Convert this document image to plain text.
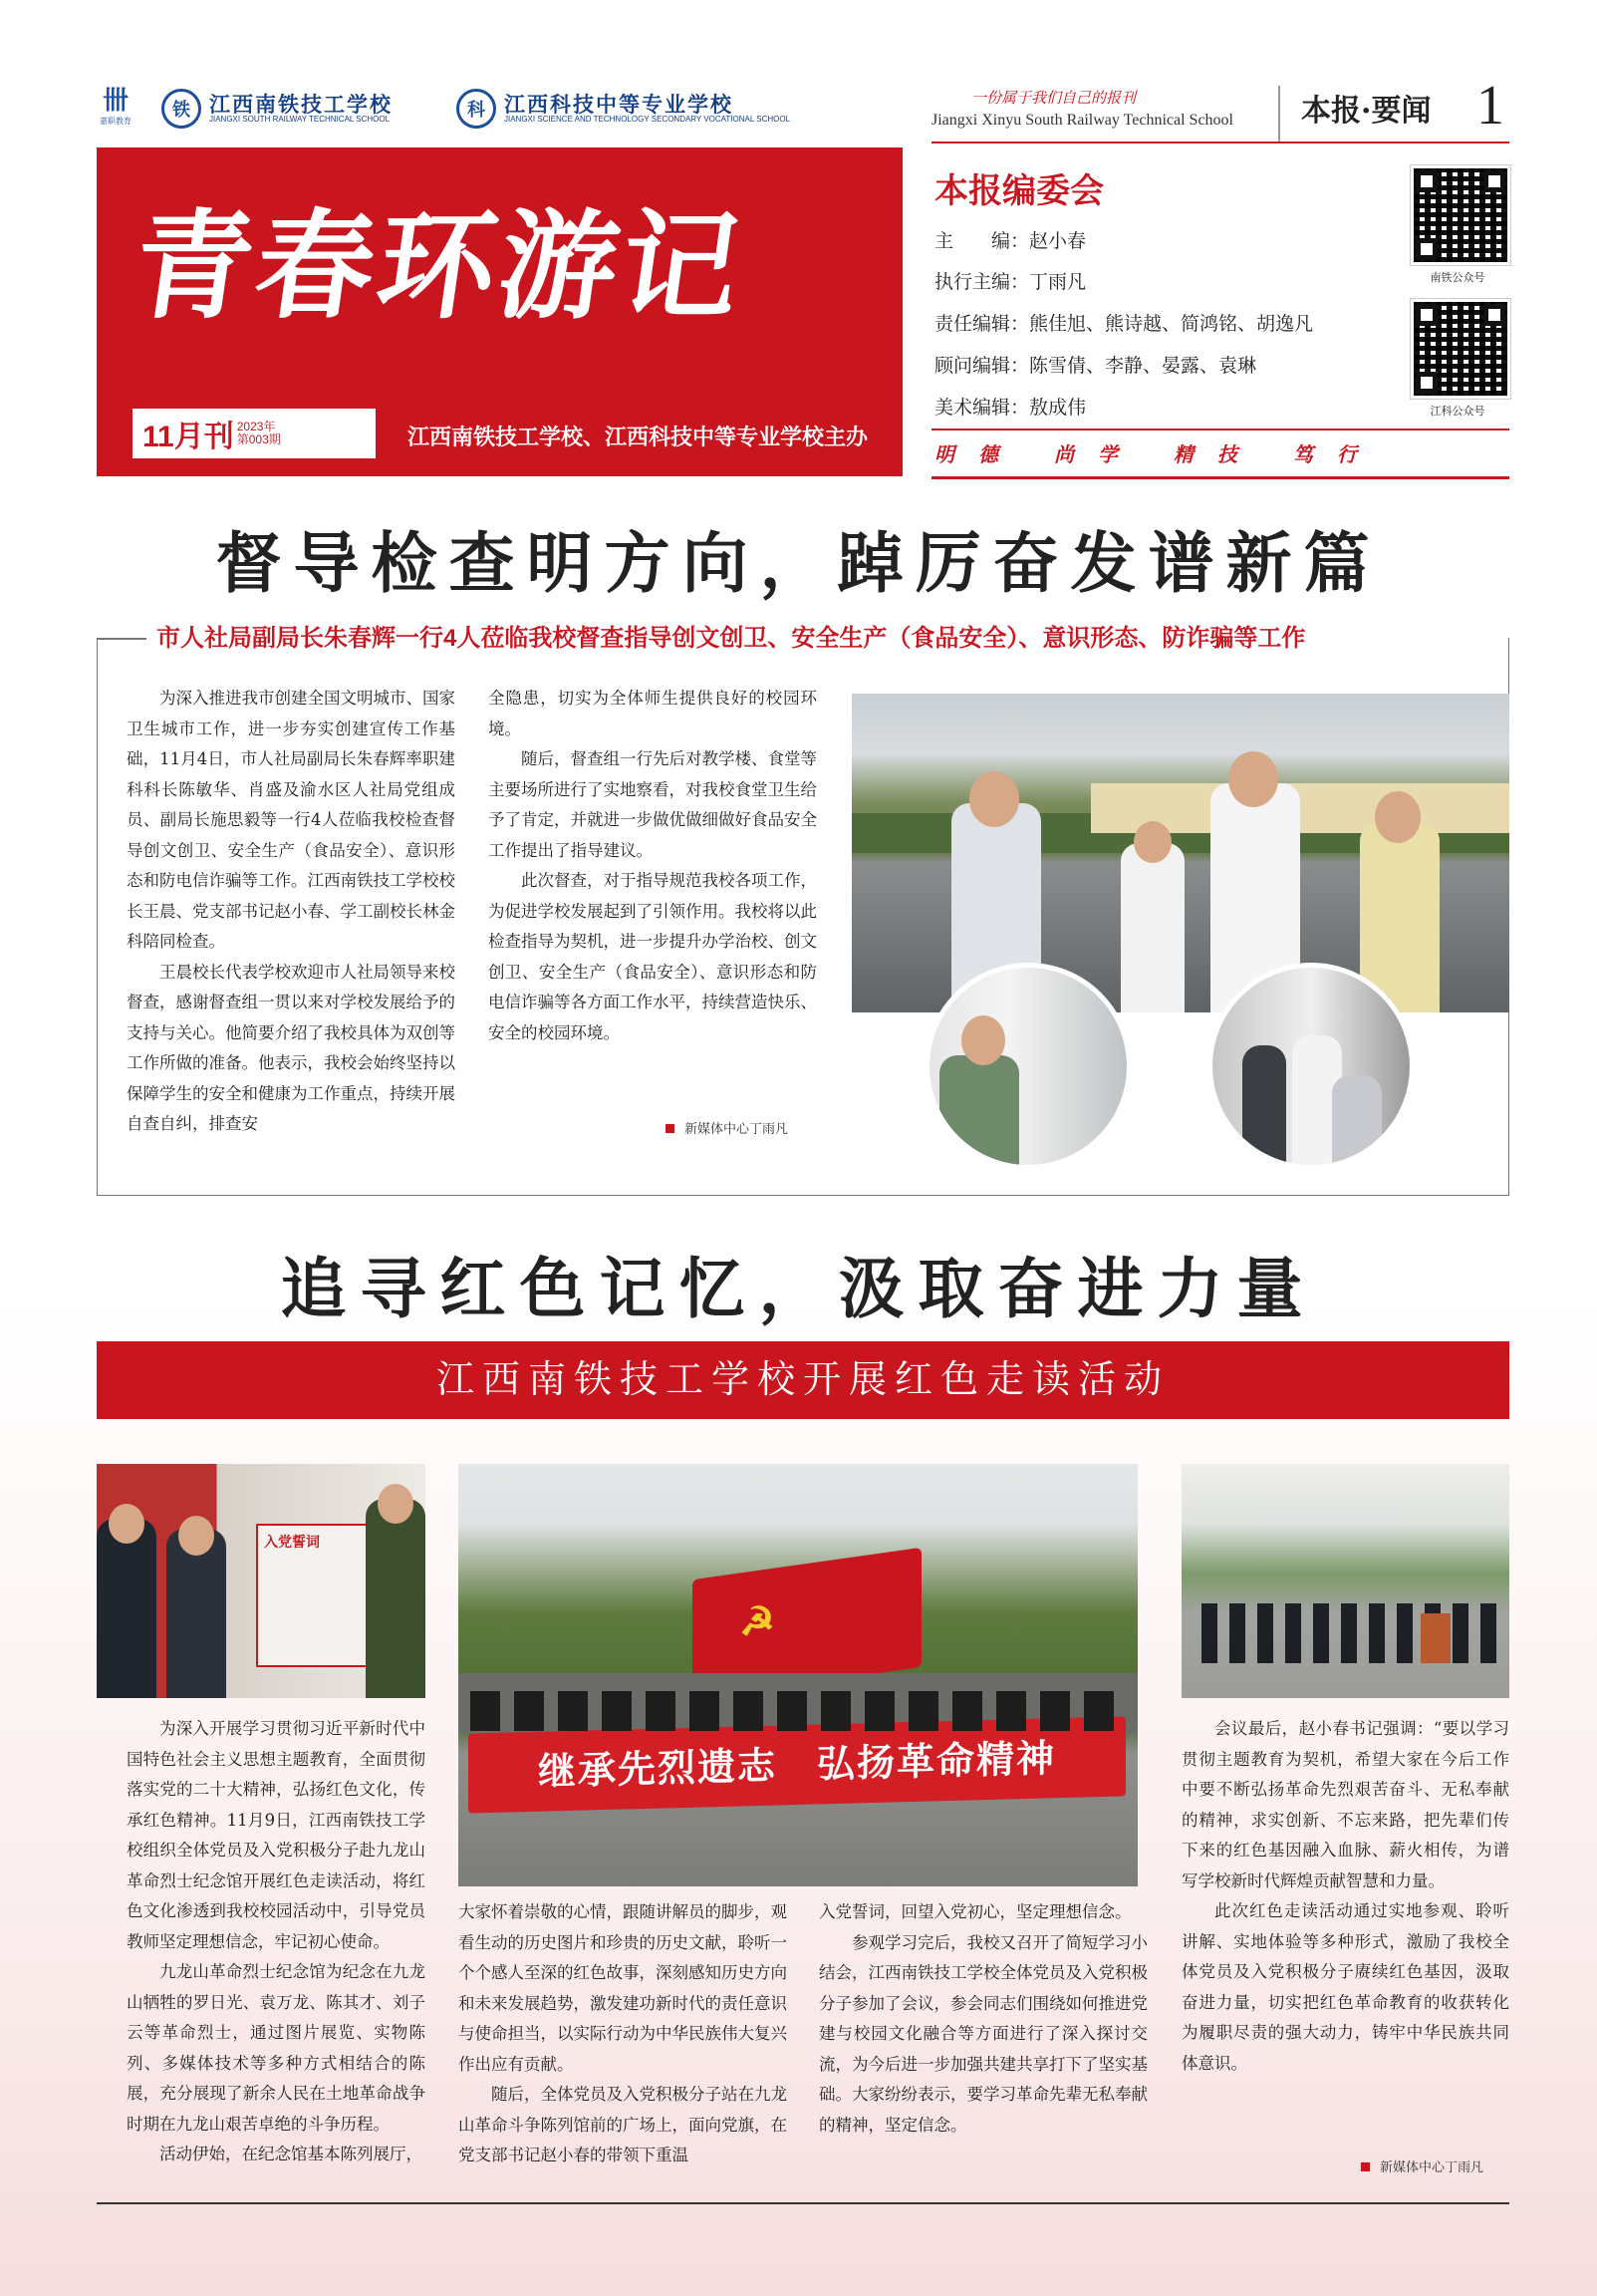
卌
嘉职教育
铁 江西南铁技工学校
JIANGXI SOUTH RAILWAY TECHNICAL SCHOOL	科 江西科技中等专业学校
JIANGXI SCIENCE AND TECHNOLOGY SECONDARY VOCATIONAL SCHOOL
一份属于我们自己的报刊
Jiangxi Xinyu South Railway Technical School 本报·要闻 1
青春环游记
11月刊 2023年
第003期	江西南铁技工学校、江西科技中等专业学校主办
本报编委会
主　　编：赵小春
执行主编：丁雨凡
责任编辑：熊佳旭、熊诗越、简鸿铭、胡逸凡
顾问编辑：陈雪倩、李静、晏露、袁琳
美术编辑：敖成伟
明　德	尚　学	精　技	笃　行
南铁公众号
江科公众号
督导检查明方向，踔厉奋发谱新篇
市人社局副局长朱春辉一行4人莅临我校督查指导创文创卫、安全生产（食品安全）、意识形态、防诈骗等工作

为深入推进我市创建全国文明城市、国家卫生城市工作，进一步夯实创建宣传工作基础，11月4日，市人社局副局长朱春辉率职建科科长陈敏华、肖盛及渝水区人社局党组成员、副局长施思毅等一行4人莅临我校检查督导创文创卫、安全生产（食品安全）、意识形态和防电信诈骗等工作。江西南铁技工学校校长王晨、党支部书记赵小春、学工副校长林金科陪同检查。

王晨校长代表学校欢迎市人社局领导来校督查，感谢督查组一贯以来对学校发展给予的支持与关心。他简要介绍了我校具体为双创等工作所做的准备。他表示，我校会始终坚持以保障学生的安全和健康为工作重点，持续开展自查自纠，排查安

全隐患，切实为全体师生提供良好的校园环境。

随后，督查组一行先后对教学楼、食堂等主要场所进行了实地察看，对我校食堂卫生给予了肯定，并就进一步做优做细做好食品安全工作提出了指导建议。

此次督查，对于指导规范我校各项工作，为促进学校发展起到了引领作用。我校将以此检查指导为契机，进一步提升办学治校、创文创卫、安全生产（食品安全）、意识形态和防电信诈骗等各方面工作水平，持续营造快乐、安全的校园环境。

新媒体中心丁雨凡
追寻红色记忆，汲取奋进力量
江西南铁技工学校开展红色走读活动
入党誓词
☭
继承先烈遗志　弘扬革命精神

为深入开展学习贯彻习近平新时代中国特色社会主义思想主题教育，全面贯彻落实党的二十大精神，弘扬红色文化，传承红色精神。11月9日，江西南铁技工学校组织全体党员及入党积极分子赴九龙山革命烈士纪念馆开展红色走读活动，将红色文化渗透到我校校园活动中，引导党员教师坚定理想信念，牢记初心使命。

九龙山革命烈士纪念馆为纪念在九龙山牺牲的罗日光、袁万龙、陈其才、刘子云等革命烈士，通过图片展览、实物陈列、多媒体技术等多种方式相结合的陈展，充分展现了新余人民在土地革命战争时期在九龙山艰苦卓绝的斗争历程。

活动伊始，在纪念馆基本陈列展厅，

大家怀着崇敬的心情，跟随讲解员的脚步，观看生动的历史图片和珍贵的历史文献，聆听一个个感人至深的红色故事，深刻感知历史方向和未来发展趋势，激发建功新时代的责任意识与使命担当，以实际行动为中华民族伟大复兴作出应有贡献。

随后，全体党员及入党积极分子站在九龙山革命斗争陈列馆前的广场上，面向党旗，在党支部书记赵小春的带领下重温

入党誓词，回望入党初心，坚定理想信念。

参观学习完后，我校又召开了简短学习小结会，江西南铁技工学校全体党员及入党积极分子参加了会议，参会同志们围绕如何推进党建与校园文化融合等方面进行了深入探讨交流，为今后进一步加强共建共享打下了坚实基础。大家纷纷表示，要学习革命先辈无私奉献的精神，坚定信念。

会议最后，赵小春书记强调：“要以学习贯彻主题教育为契机，希望大家在今后工作中要不断弘扬革命先烈艰苦奋斗、无私奉献的精神，求实创新、不忘来路，把先辈们传下来的红色基因融入血脉、薪火相传，为谱写学校新时代辉煌贡献智慧和力量。

此次红色走读活动通过实地参观、聆听讲解、实地体验等多种形式，激励了我校全体党员及入党积极分子赓续红色基因，汲取奋进力量，切实把红色革命教育的收获转化为履职尽责的强大动力，铸牢中华民族共同体意识。

新媒体中心丁雨凡
